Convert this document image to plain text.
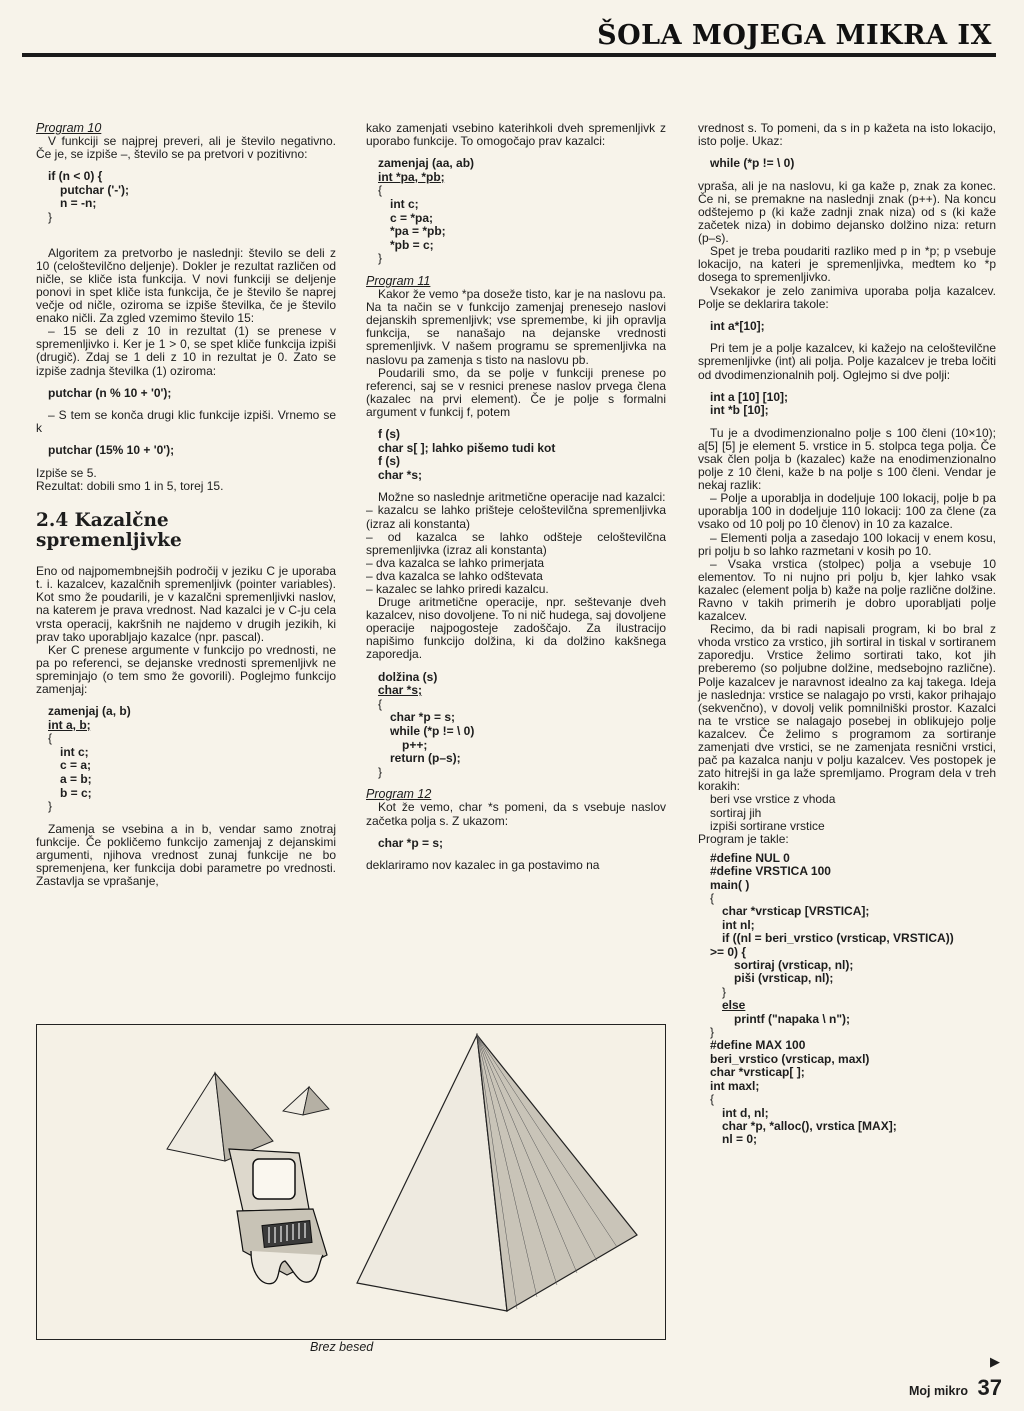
ŠOLA MOJEGA MIKRA IX

Program 10

V funkciji se najprej preveri, ali je število negativno. Če je, se izpiše –, število se pa pretvori v pozitivno:

if (n < 0) {
putchar ('-');
n = -n;
}

Algoritem za pretvorbo je naslednji: število se deli z 10 (celoštevilčno deljenje). Dokler je rezultat različen od ničle, se kliče ista funkcija. V novi funkciji se deljenje ponovi in spet kliče ista funkcija, če je število še naprej večje od ničle, oziroma se izpiše številka, če je število enako ničli. Za zgled vzemimo število 15:

– 15 se deli z 10 in rezultat (1) se prenese v spremenljivko i. Ker je 1 > 0, se spet kliče funkcija izpiši (drugič). Zdaj se 1 deli z 10 in rezultat je 0. Zato se izpiše zadnja številka (1) oziroma:

putchar (n % 10 + '0');

– S tem se konča drugi klic funkcije izpiši. Vrnemo se k

putchar (15% 10 + '0');

Izpiše se 5.

Rezultat: dobili smo 1 in 5, torej 15.

2.4 Kazalčne
spremenljivke

Eno od najpomembnejših področij v jeziku C je uporaba t. i. kazalcev, kazalčnih spremenljivk (pointer variables). Kot smo že poudarili, je v kazalčni spremenljivki naslov, na katerem je prava vrednost. Nad kazalci je v C-ju cela vrsta operacij, kakršnih ne najdemo v drugih jezikih, ki prav tako uporabljajo kazalce (npr. pascal).

Ker C prenese argumente v funkcijo po vrednosti, ne pa po referenci, se dejanske vrednosti spremenljivk ne spreminjajo (o tem smo že govorili). Poglejmo funkcijo zamenjaj:

zamenjaj (a, b)
int a, b;
{
int c;
c = a;
a = b;
b = c;
}

Zamenja se vsebina a in b, vendar samo znotraj funkcije. Če pokličemo funkcijo zamenjaj z dejanskimi argumenti, njihova vrednost zunaj funkcije ne bo spremenjena, ker funkcija dobi parametre po vrednosti. Zastavlja se vprašanje,

kako zamenjati vsebino katerihkoli dveh spremenljivk z uporabo funkcije. To omogočajo prav kazalci:

zamenjaj (aa, ab)
int *pa, *pb;
{
int c;
c = *pa;
*pa = *pb;
*pb = c;
}

Program 11

Kakor že vemo *pa doseže tisto, kar je na naslovu pa. Na ta način se v funkcijo zamenjaj prenesejo naslovi dejanskih spremenljivk; vse spremembe, ki jih opravlja funkcija, se nanašajo na dejanske vrednosti spremenljivk. V našem programu se spremenljivka na naslovu pa zamenja s tisto na naslovu pb.

Poudarili smo, da se polje v funkciji prenese po referenci, saj se v resnici prenese naslov prvega člena (kazalec na prvi element). Če je polje s formalni argument v funkcij f, potem

f (s)
char s[ ]; lahko pišemo tudi kot
f (s)
char *s;

Možne so naslednje aritmetične operacije nad kazalci:

– kazalcu se lahko prišteje celoštevilčna spremenljivka (izraz ali konstanta)

– od kazalca se lahko odšteje celoštevilčna spremenljivka (izraz ali konstanta)

– dva kazalca se lahko primerjata

– dva kazalca se lahko odštevata

– kazalec se lahko priredi kazalcu.

Druge aritmetične operacije, npr. seštevanje dveh kazalcev, niso dovoljene. To ni nič hudega, saj dovoljene operacije najpogosteje zadoščajo. Za ilustracijo napišimo funkcijo dolžina, ki da dolžino kakšnega zaporedja.

dolžina (s)
char *s;
{
char *p = s;
while (*p != \ 0)
p++;
return (p–s);
}

Program 12

Kot že vemo, char *s pomeni, da s vsebuje naslov začetka polja s. Z ukazom:

char *p = s;

deklariramo nov kazalec in ga postavimo na

vrednost s. To pomeni, da s in p kažeta na isto lokacijo, isto polje. Ukaz:

while (*p != \ 0)

vpraša, ali je na naslovu, ki ga kaže p, znak za konec. Če ni, se premakne na naslednji znak (p++). Na koncu odštejemo p (ki kaže zadnji znak niza) od s (ki kaže začetek niza) in dobimo dejansko dolžino niza: return (p–s).

Spet je treba poudariti razliko med p in *p; p vsebuje lokacijo, na kateri je spremenljivka, medtem ko *p dosega to spremenljivko.

Vsekakor je zelo zanimiva uporaba polja kazalcev. Polje se deklarira takole:

int a*[10];

Pri tem je a polje kazalcev, ki kažejo na celoštevilčne spremenljivke (int) ali polja. Polje kazalcev je treba ločiti od dvodimenzionalnih polj. Oglejmo si dve polji:

int a [10] [10];
int *b [10];

Tu je a dvodimenzionalno polje s 100 členi (10×10); a[5] [5] je element 5. vrstice in 5. stolpca tega polja. Če vsak člen polja b (kazalec) kaže na enodimenzionalno polje z 10 členi, kaže b na polje s 100 členi. Vendar je nekaj razlik:

– Polje a uporablja in dodeljuje 100 lokacij, polje b pa uporablja 100 in dodeljuje 110 lokacij: 100 za člene (za vsako od 10 polj po 10 členov) in 10 za kazalce.

– Elementi polja a zasedajo 100 lokacij v enem kosu, pri polju b so lahko razmetani v kosih po 10.

– Vsaka vrstica (stolpec) polja a vsebuje 10 elementov. To ni nujno pri polju b, kjer lahko vsak kazalec (element polja b) kaže na polje različne dolžine. Ravno v takih primerih je dobro uporabljati polje kazalcev.

Recimo, da bi radi napisali program, ki bo bral z vhoda vrstico za vrstico, jih sortiral in tiskal v sortiranem zaporedju. Vrstice želimo sortirati tako, kot jih preberemo (so poljubne dolžine, medsebojno različne). Polje kazalcev je naravnost idealno za kaj takega. Ideja je naslednja: vrstice se nalagajo po vrsti, kakor prihajajo (sekvenčno), v dovolj velik pomnilniški prostor. Kazalci na te vrstice se nalagajo posebej in oblikujejo polje kazalcev. Če želimo s programom za sortiranje zamenjati dve vrstici, se ne zamenjata resnični vrstici, pač pa kazalca nanju v polju kazalcev. Ves postopek je zato hitrejši in ga laže spremljamo. Program dela v treh korakih:

beri vse vrstice z vhoda

sortiraj jih

izpiši sortirane vrstice

Program je takle:

#define NUL 0
#define VRSTICA 100
main( )
{
char *vrsticap [VRSTICA];
int nl;
if ((nl = beri_vrstico (vrsticap, VRSTICA))
>= 0) {
sortiraj (vrsticap, nl);
piši (vrsticap, nl);
}
else
printf ("napaka \ n");
}
#define MAX 100
beri_vrstico (vrsticap, maxl)
char *vrsticap[ ];
int maxl;
{
int d, nl;
char *p, *alloc(), vrstica [MAX];
nl = 0;
Brez besed
▶
Moj mikro 37
